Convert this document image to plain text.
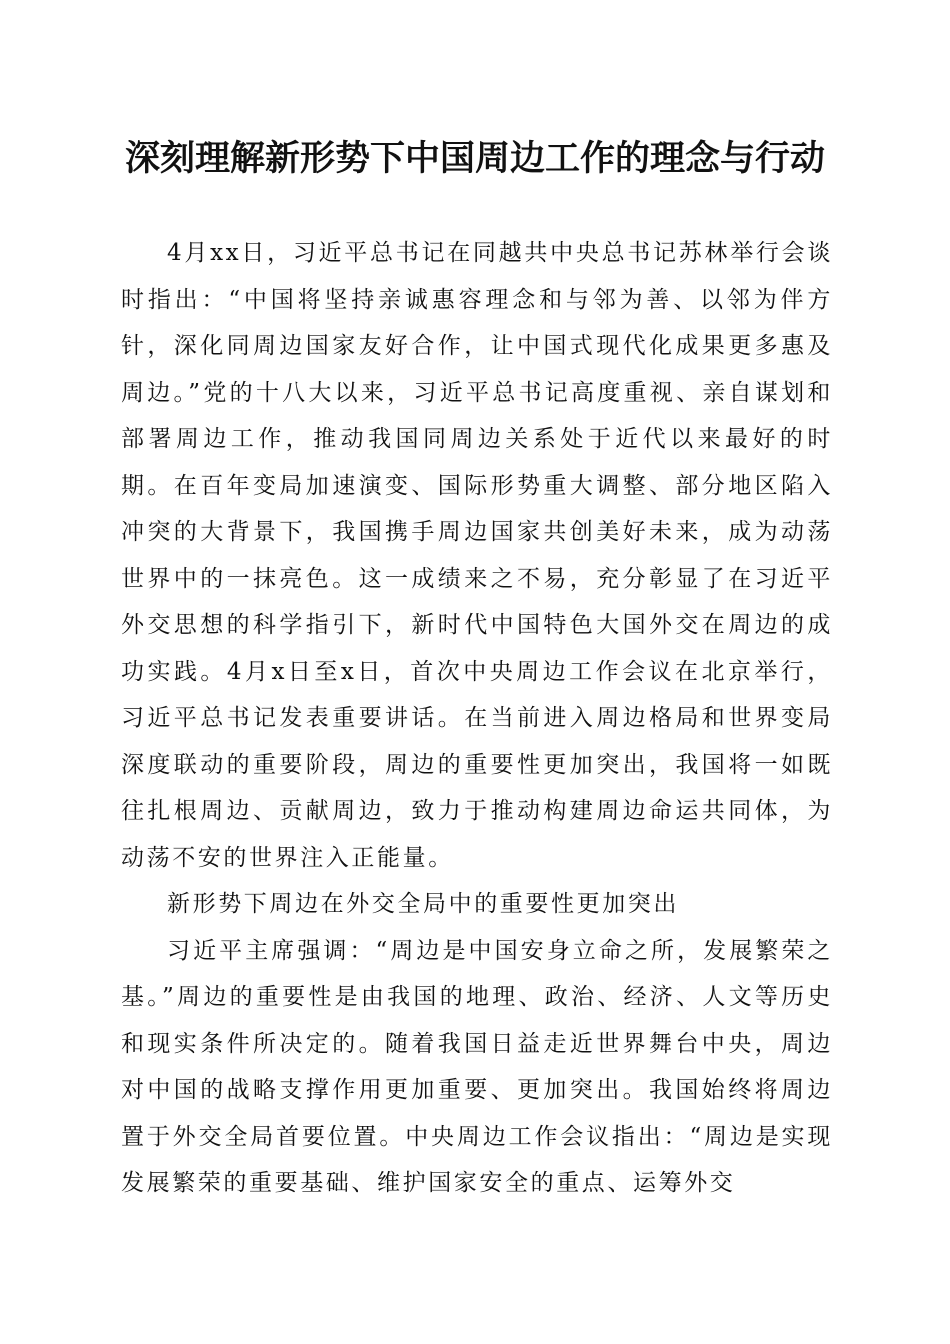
深刻理解新形势下中国周边工作的理念与行动

4月xx日，习近平总书记在同越共中央总书记苏林举行会谈时指出：“中国将坚持亲诚惠容理念和与邻为善、以邻为伴方针，深化同周边国家友好合作，让中国式现代化成果更多惠及周边。”党的十八大以来，习近平总书记高度重视、亲自谋划和部署周边工作，推动我国同周边关系处于近代以来最好的时期。在百年变局加速演变、国际形势重大调整、部分地区陷入冲突的大背景下，我国携手周边国家共创美好未来，成为动荡世界中的一抹亮色。这一成绩来之不易，充分彰显了在习近平外交思想的科学指引下，新时代中国特色大国外交在周边的成功实践。4月x日至x日，首次中央周边工作会议在北京举行，习近平总书记发表重要讲话。在当前进入周边格局和世界变局深度联动的重要阶段，周边的重要性更加突出，我国将一如既往扎根周边、贡献周边，致力于推动构建周边命运共同体，为动荡不安的世界注入正能量。

新形势下周边在外交全局中的重要性更加突出

习近平主席强调：“周边是中国安身立命之所，发展繁荣之基。”周边的重要性是由我国的地理、政治、经济、人文等历史和现实条件所决定的。随着我国日益走近世界舞台中央，周边对中国的战略支撑作用更加重要、更加突出。我国始终将周边置于外交全局首要位置。中央周边工作会议指出：“周边是实现发展繁荣的重要基础、维护国家安全的重点、运筹外交
